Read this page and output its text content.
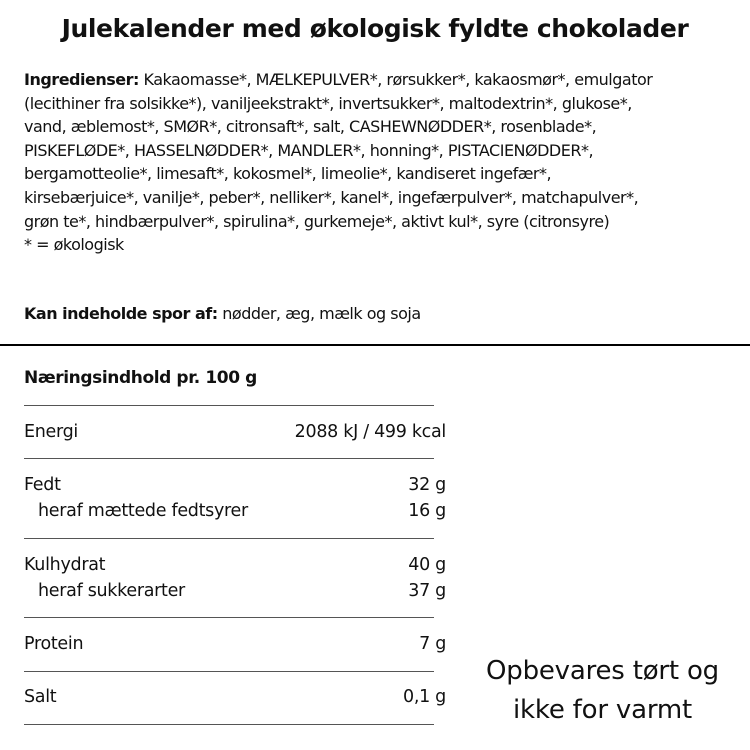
Julekalender med økologisk fyldte chokolader
Ingredienser: Kakaomasse*, MÆLKEPULVER*, rørsukker*, kakaosmør*, emulgator
(lecithiner fra solsikke*), vaniljeekstrakt*, invertsukker*, maltodextrin*, glukose*,
vand, æblemost*, SMØR*, citronsaft*, salt, CASHEWNØDDER*, rosenblade*,
PISKEFLØDE*, HASSELNØDDER*, MANDLER*, honning*, PISTACIENØDDER*,
bergamotteolie*, limesaft*, kokosmel*, limeolie*, kandiseret ingefær*,
kirsebærjuice*, vanilje*, peber*, nelliker*, kanel*, ingefærpulver*, matchapulver*,
grøn te*, hindbærpulver*, spirulina*, gurkemeje*, aktivt kul*, syre (citronsyre)
* = økologisk
Kan indeholde spor af: nødder, æg, mælk og soja
Næringsindhold pr. 100 g
Energi	2088 kJ / 499 kcal
Fedt	32 g
heraf mættede fedtsyrer	16 g
Kulhydrat	40 g
heraf sukkerarter	37 g
Protein	7 g
Salt	0,1 g
Opbevares tørt og
ikke for varmt
